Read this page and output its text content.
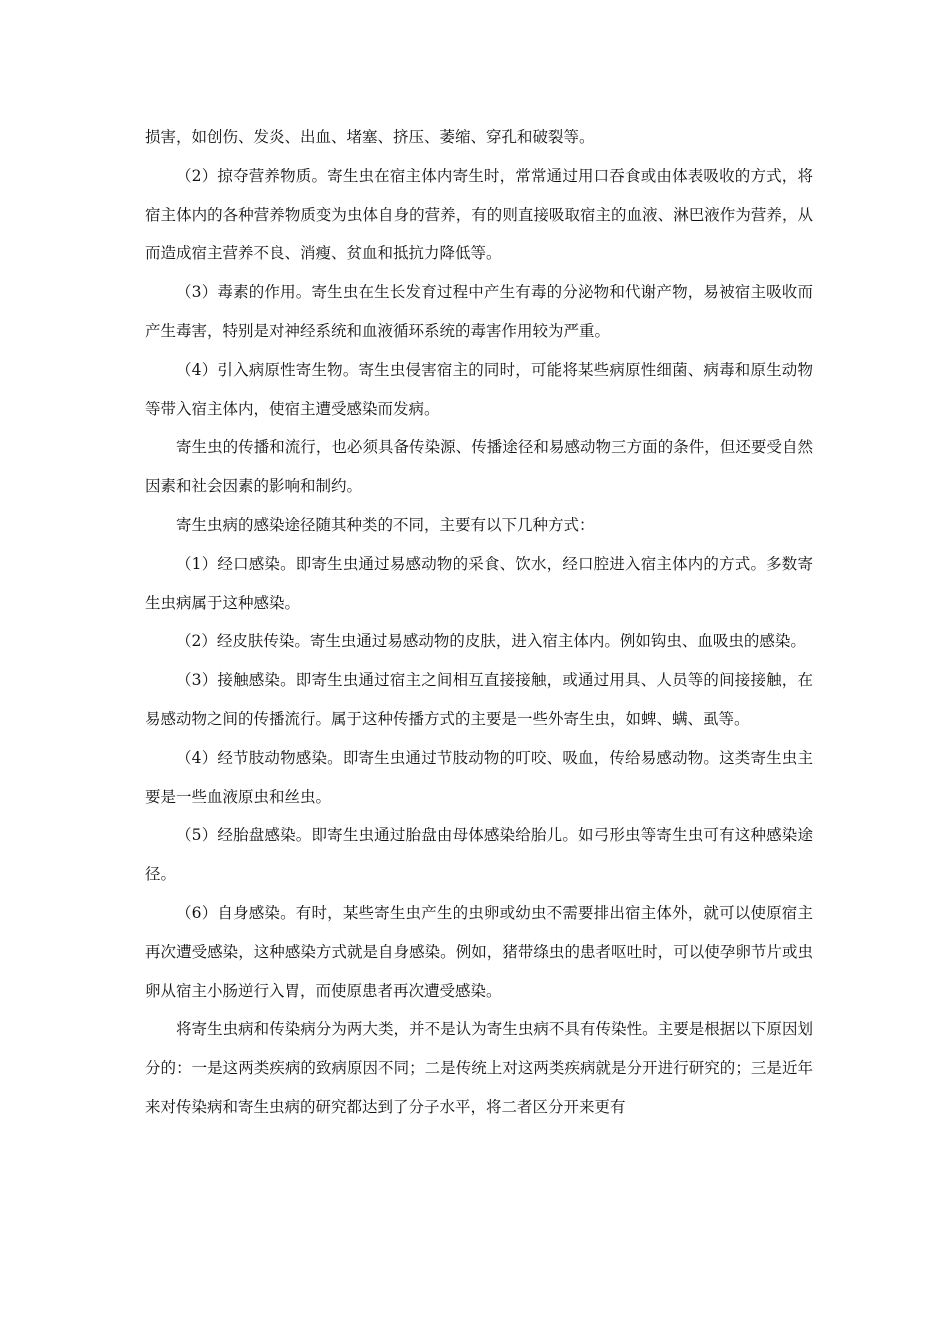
损害，如创伤、发炎、出血、堵塞、挤压、萎缩、穿孔和破裂等。

（2）掠夺营养物质。寄生虫在宿主体内寄生时，常常通过用口吞食或由体表吸收的方式，将宿主体内的各种营养物质变为虫体自身的营养，有的则直接吸取宿主的血液、淋巴液作为营养，从而造成宿主营养不良、消瘦、贫血和抵抗力降低等。

（3）毒素的作用。寄生虫在生长发育过程中产生有毒的分泌物和代谢产物，易被宿主吸收而产生毒害，特别是对神经系统和血液循环系统的毒害作用较为严重。

（4）引入病原性寄生物。寄生虫侵害宿主的同时，可能将某些病原性细菌、病毒和原生动物等带入宿主体内，使宿主遭受感染而发病。

寄生虫的传播和流行，也必须具备传染源、传播途径和易感动物三方面的条件，但还要受自然因素和社会因素的影响和制约。

寄生虫病的感染途径随其种类的不同，主要有以下几种方式：

（1）经口感染。即寄生虫通过易感动物的采食、饮水，经口腔进入宿主体内的方式。多数寄生虫病属于这种感染。

（2）经皮肤传染。寄生虫通过易感动物的皮肤，进入宿主体内。例如钩虫、血吸虫的感染。

（3）接触感染。即寄生虫通过宿主之间相互直接接触，或通过用具、人员等的间接接触，在易感动物之间的传播流行。属于这种传播方式的主要是一些外寄生虫，如蜱、螨、虱等。

（4）经节肢动物感染。即寄生虫通过节肢动物的叮咬、吸血，传给易感动物。这类寄生虫主要是一些血液原虫和丝虫。

（5）经胎盘感染。即寄生虫通过胎盘由母体感染给胎儿。如弓形虫等寄生虫可有这种感染途径。

（6）自身感染。有时，某些寄生虫产生的虫卵或幼虫不需要排出宿主体外，就可以使原宿主再次遭受感染，这种感染方式就是自身感染。例如，猪带绦虫的患者呕吐时，可以使孕卵节片或虫卵从宿主小肠逆行入胃，而使原患者再次遭受感染。

将寄生虫病和传染病分为两大类，并不是认为寄生虫病不具有传染性。主要是根据以下原因划分的：一是这两类疾病的致病原因不同；二是传统上对这两类疾病就是分开进行研究的；三是近年来对传染病和寄生虫病的研究都达到了分子水平，将二者区分开来更有
